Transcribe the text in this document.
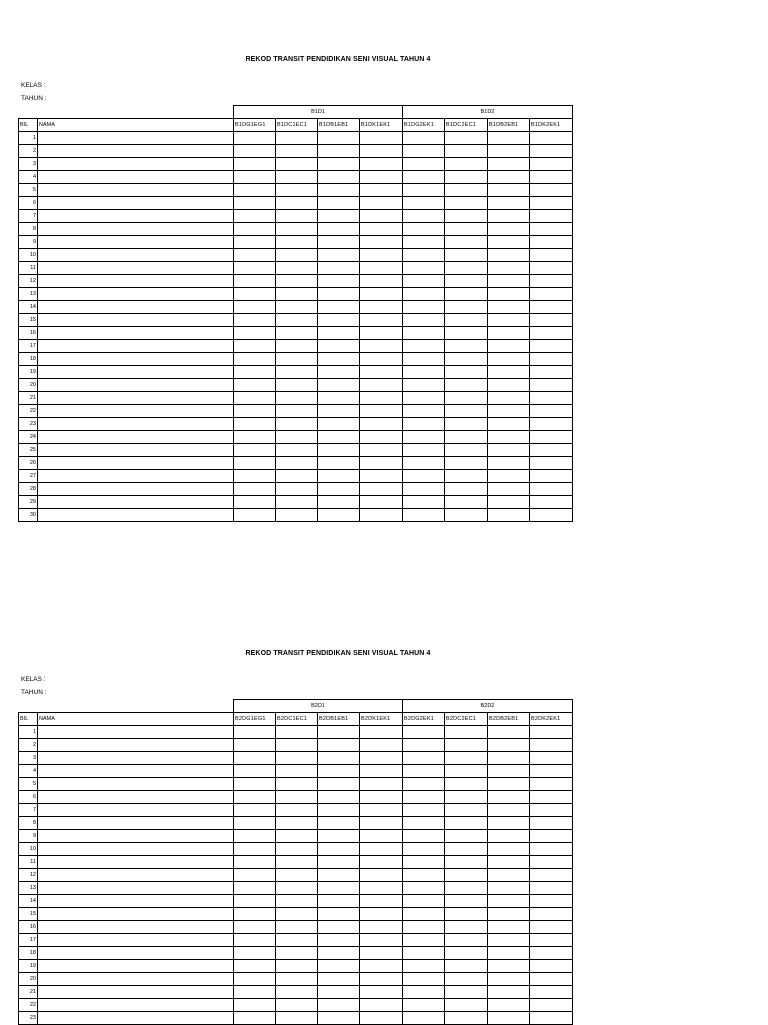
REKOD TRANSIT PENDIDIKAN SENI VISUAL TAHUN 4
KELAS :
TAHUN :
		B1D1				B1D2			
BIL	NAMA	B1DG1EG1	B1DC1EC1	B1DB1EB1	B1DK1EK1	B1DG2EK1	B1DC2EC1	B1DB2EB1	B1DK2EK1
1									
2									
3									
4									
5									
6									
7									
8									
9									
10									
11									
12									
13									
14									
15									
16									
17									
18									
19									
20									
21									
22									
23									
24									
25									
26									
27									
28									
29									
30									
REKOD TRANSIT PENDIDIKAN SENI VISUAL TAHUN 4
KELAS :
TAHUN :
		B2D1				B2D2			
BIL	NAMA	B2DG1EG1	B2DC1EC1	B2DB1EB1	B2DK1EK1	B2DG2EK1	B2DC2EC1	B2DB2EB1	B2DK2EK1
1									
2									
3									
4									
5									
6									
7									
8									
9									
10									
11									
12									
13									
14									
15									
16									
17									
18									
19									
20									
21									
22									
23									
